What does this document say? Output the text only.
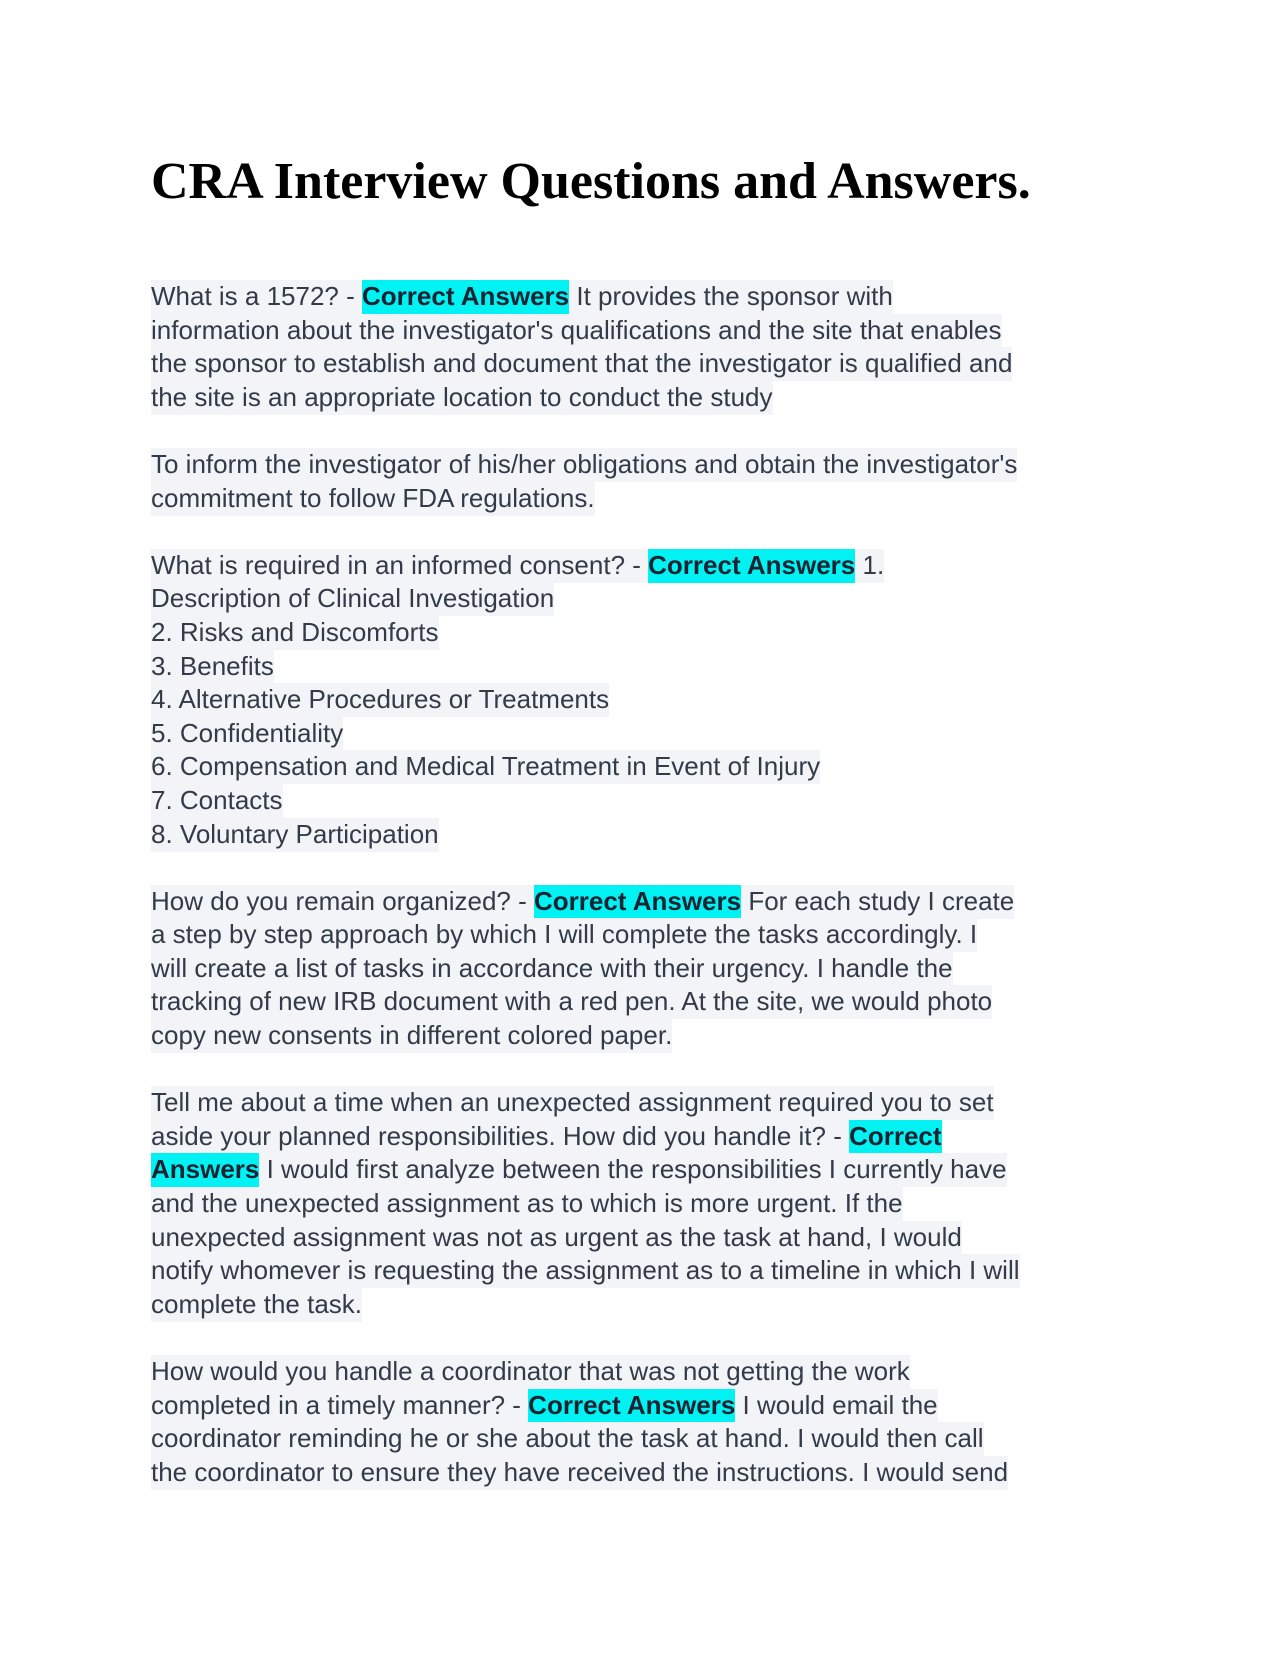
CRA Interview Questions and Answers.
What is a 1572? - Correct Answers It provides the sponsor with
information about the investigator's qualifications and the site that enables
the sponsor to establish and document that the investigator is qualified and
the site is an appropriate location to conduct the study
To inform the investigator of his/her obligations and obtain the investigator's
commitment to follow FDA regulations.
What is required in an informed consent? - Correct Answers 1.
Description of Clinical Investigation
2. Risks and Discomforts
3. Benefits
4. Alternative Procedures or Treatments
5. Confidentiality
6. Compensation and Medical Treatment in Event of Injury
7. Contacts
8. Voluntary Participation
How do you remain organized? - Correct Answers For each study I create
a step by step approach by which I will complete the tasks accordingly. I
will create a list of tasks in accordance with their urgency. I handle the
tracking of new IRB document with a red pen. At the site, we would photo
copy new consents in different colored paper.
Tell me about a time when an unexpected assignment required you to set
aside your planned responsibilities. How did you handle it? - Correct
Answers I would first analyze between the responsibilities I currently have
and the unexpected assignment as to which is more urgent. If the
unexpected assignment was not as urgent as the task at hand, I would
notify whomever is requesting the assignment as to a timeline in which I will
complete the task.
How would you handle a coordinator that was not getting the work
completed in a timely manner? - Correct Answers I would email the
coordinator reminding he or she about the task at hand. I would then call
the coordinator to ensure they have received the instructions. I would send
